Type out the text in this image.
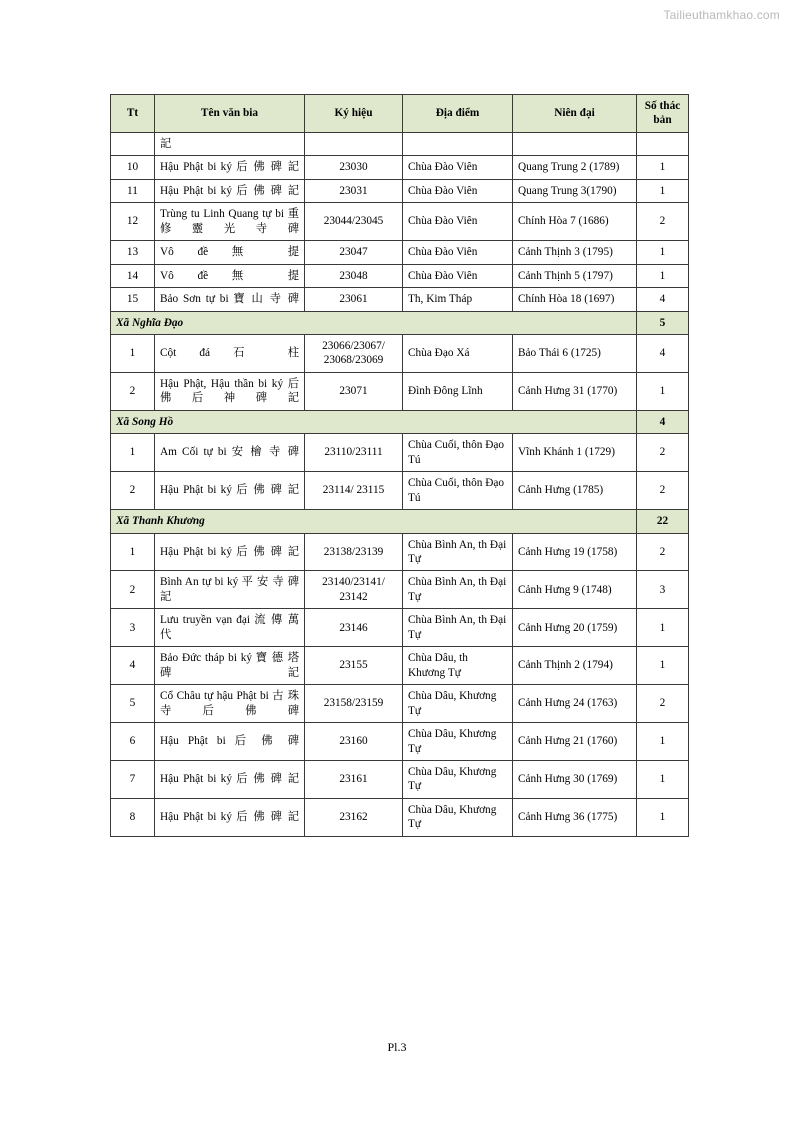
Tailieuthamkhao.com
Tt	Tên văn bia	Ký hiệu	Địa điểm	Niên đại	Số thác bản
	記				
10	Hậu Phật bi ký 后 佛 碑 記	23030	Chùa Đào Viên	Quang Trung 2 (1789)	1
11	Hậu Phật bi ký 后 佛 碑 記	23031	Chùa Đào Viên	Quang Trung 3(1790)	1
12	Trùng tu Linh Quang tự bi 重 修 靈 光 寺 碑	23044/23045	Chùa Đào Viên	Chính Hòa 7 (1686)	2
13	Vô đề 無 提	23047	Chùa Đào Viên	Cảnh Thịnh 3 (1795)	1
14	Vô đề 無 提	23048	Chùa Đào Viên	Cảnh Thịnh 5 (1797)	1
15	Bảo Sơn tự bi 寶 山 寺 碑	23061	Th, Kim Tháp	Chính Hòa 18 (1697)	4
Xã Nghĩa Đạo					5
1	Cột đá 石 柱	23066/23067/ 23068/23069	Chùa Đạo Xá	Bảo Thái 6 (1725)	4
2	Hậu Phật, Hậu thần bi ký 后 佛 后 神 碑 記	23071	Đình Đông Lĩnh	Cảnh Hưng 31 (1770)	1
Xã Song Hồ					4
1	Am Cối tự bi 安 檜 寺 碑	23110/23111	Chùa Cuối, thôn Đạo Tú	Vĩnh Khánh 1 (1729)	2
2	Hậu Phật bi ký 后 佛 碑 記	23114/ 23115	Chùa Cuối, thôn Đạo Tú	Cảnh Hưng (1785)	2
Xã Thanh Khương					22
1	Hậu Phật bi ký 后 佛 碑 記	23138/23139	Chùa Bình An, th Đại Tự	Cảnh Hưng 19 (1758)	2
2	Bình An tự bi ký 平 安 寺 碑 記	23140/23141/ 23142	Chùa Bình An, th Đại Tự	Cảnh Hưng 9 (1748)	3
3	Lưu truyền vạn đại 流 傳 萬 代	23146	Chùa Bình An, th Đại Tự	Cảnh Hưng 20 (1759)	1
4	Bảo Đức tháp bi ký 寶 德 塔 碑 記	23155	Chùa Dâu, th Khương Tự	Cảnh Thịnh 2 (1794)	1
5	Cổ Châu tự hậu Phật bi 古 珠 寺 后 佛 碑	23158/23159	Chùa Dâu, Khương Tự	Cảnh Hưng 24 (1763)	2
6	Hậu Phật bi 后 佛 碑	23160	Chùa Dâu, Khương Tự	Cảnh Hưng 21 (1760)	1
7	Hậu Phật bi ký 后 佛 碑 記	23161	Chùa Dâu, Khương Tự	Cảnh Hưng 30 (1769)	1
8	Hậu Phật bi ký 后 佛 碑 記	23162	Chùa Dâu, Khương Tự	Cảnh Hưng 36 (1775)	1
Pl.3
